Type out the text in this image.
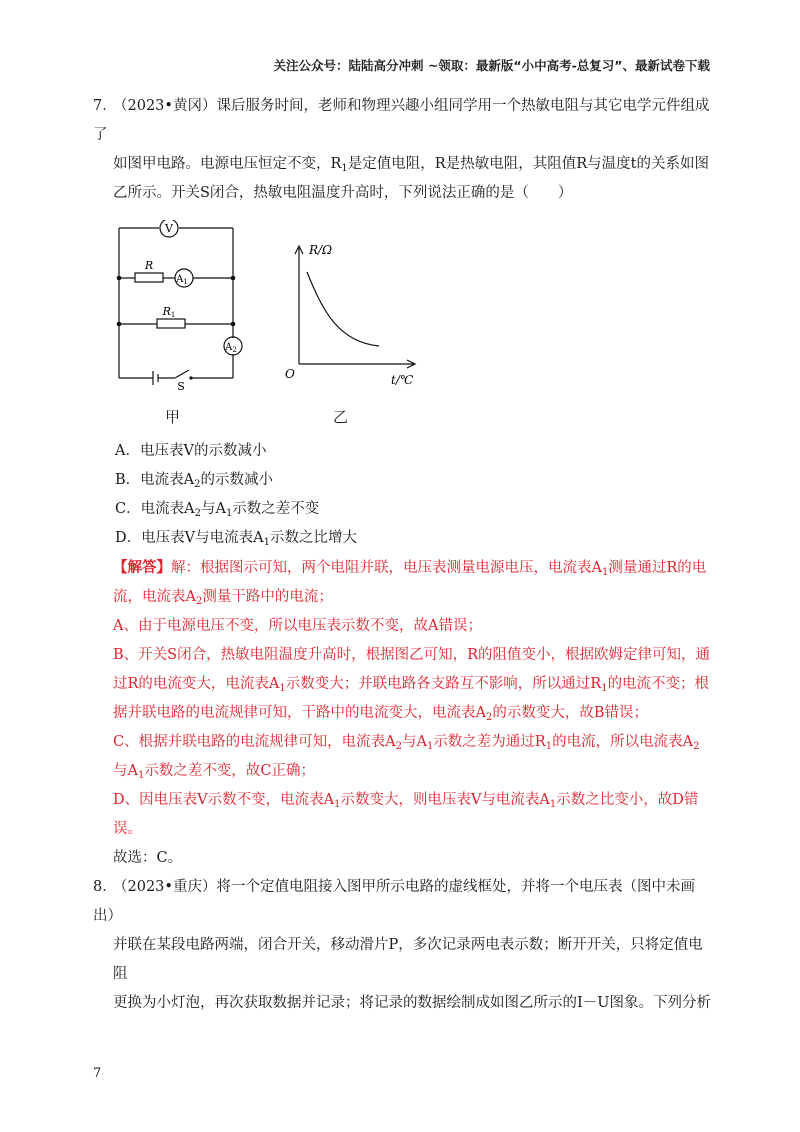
关注公众号：陆陆高分冲刺 ~领取：最新版“小中高考-总复习”、最新试卷下载

7．（2023•黄冈）课后服务时间，老师和物理兴趣小组同学用一个热敏电阻与其它电学元件组成了

如图甲电路。电源电压恒定不变，$R_1$是定值电阻，R是热敏电阻，其阻值R与温度t的关系如图

乙所示。开关S闭合，热敏电阻温度升高时，下列说法正确的是（　　）

V
R
$A_1$
R1
$A_2$
S
R/Ω
O	t/℃
甲	乙

A．电压表V的示数减小

B．电流表$A_2$的示数减小

C．电流表$A_2$与$A_1$示数之差不变

D．电压表V与电流表$A_1$示数之比增大

【解答】解：根据图示可知，两个电阻并联，电压表测量电源电压，电流表$A_1$测量通过R的电

流，电流表$A_2$测量干路中的电流；

A、由于电源电压不变，所以电压表示数不变，故A错误；

B、开关S闭合，热敏电阻温度升高时，根据图乙可知，R的阻值变小，根据欧姆定律可知，通

过R的电流变大，电流表$A_1$示数变大；并联电路各支路互不影响，所以通过$R_1$的电流不变；根

据并联电路的电流规律可知，干路中的电流变大，电流表$A_2$的示数变大，故B错误；

C、根据并联电路的电流规律可知，电流表$A_2$与$A_1$示数之差为通过$R_1$的电流，所以电流表$A_2$

与$A_1$示数之差不变，故C正确；

D、因电压表V示数不变，电流表$A_1$示数变大，则电压表V与电流表$A_1$示数之比变小，故D错

误。

故选：C。

8．（2023•重庆）将一个定值电阻接入图甲所示电路的虚线框处，并将一个电压表（图中未画出）

并联在某段电路两端，闭合开关，移动滑片P，多次记录两电表示数；断开开关，只将定值电阻

更换为小灯泡，再次获取数据并记录；将记录的数据绘制成如图乙所示的I－U图象。下列分析

7
